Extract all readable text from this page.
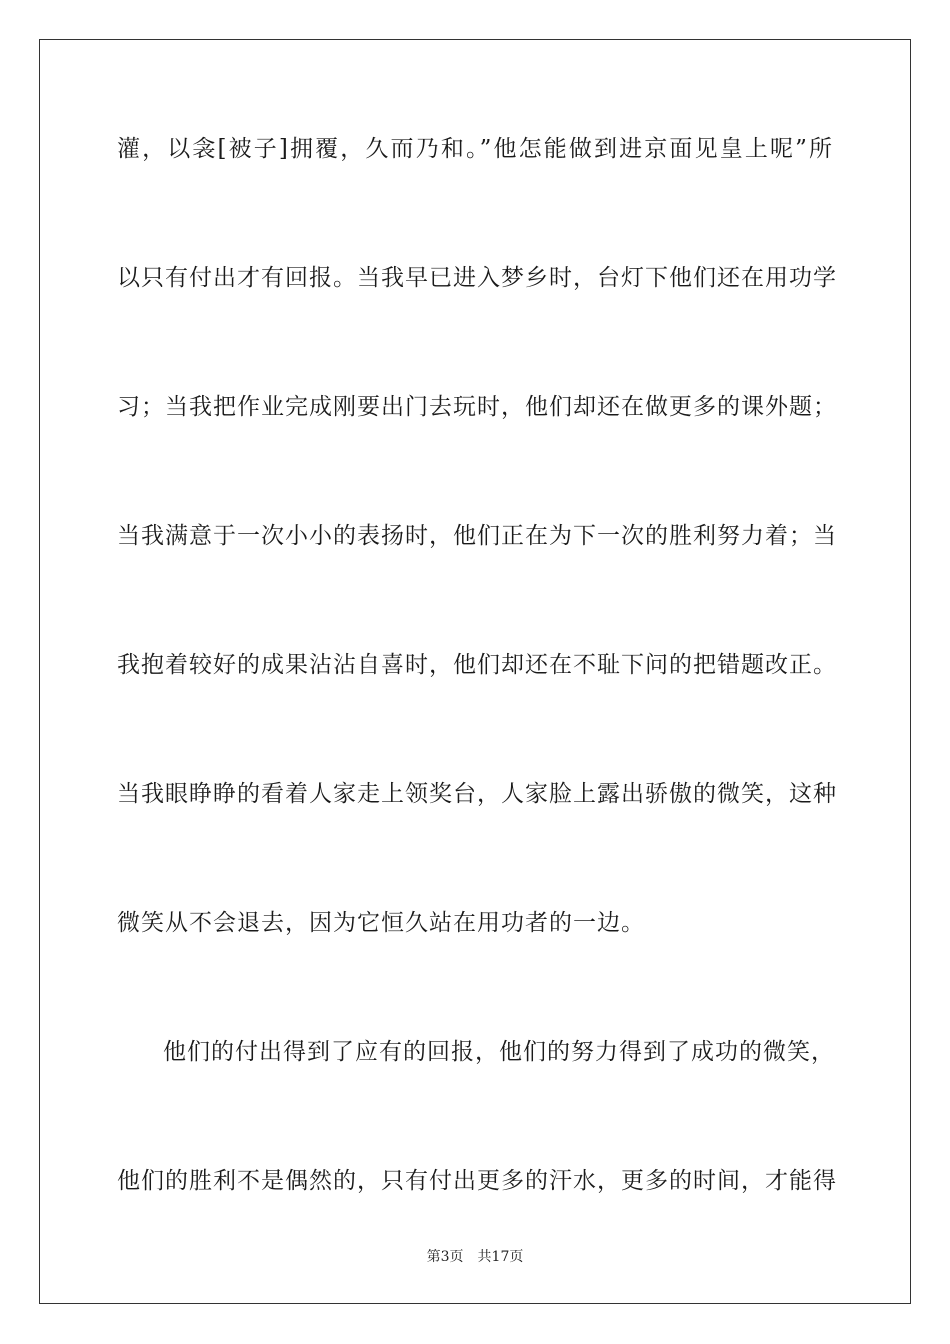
灌，以衾[被子]拥覆，久而乃和。”他怎能做到进京面见皇上呢”所
以只有付出才有回报。当我早已进入梦乡时，台灯下他们还在用功学
习；当我把作业完成刚要出门去玩时，他们却还在做更多的课外题；
当我满意于一次小小的表扬时，他们正在为下一次的胜利努力着；当
我抱着较好的成果沾沾自喜时，他们却还在不耻下问的把错题改正。
当我眼睁睁的看着人家走上领奖台，人家脸上露出骄傲的微笑，这种
微笑从不会退去，因为它恒久站在用功者的一边。
他们的付出得到了应有的回报，他们的努力得到了成功的微笑，
他们的胜利不是偶然的，只有付出更多的汗水，更多的时间，才能得
第3页 共17页
